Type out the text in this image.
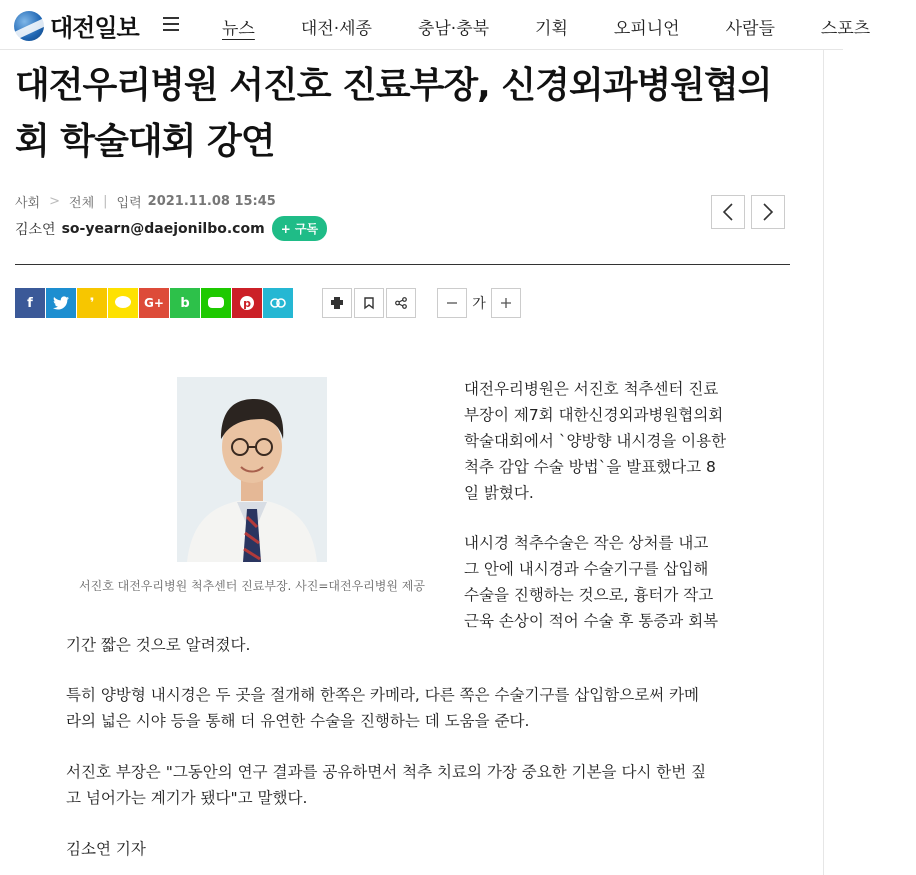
대전일보	뉴스	대전·세종	충남·충북	기획	오피니언	사람들	스포츠
대전우리병원 서진호 진료부장, 신경외과병원협의회 학술대회 강연
사회 > 전체 | 입력 2021.11.08 15:45
김소연 so-yearn@daejonilbo.com	+ 구독
f	❜	G+ b	p	가
서진호 대전우리병원 척추센터 진료부장. 사진=대전우리병원 제공
대전우리병원은 서진호 척추센터 진료
부장이 제7회 대한신경외과병원협의회
학술대회에서 `양방향 내시경을 이용한
척추 감압 수술 방법`을 발표했다고 8
일 밝혔다.
내시경 척추수술은 작은 상처를 내고
그 안에 내시경과 수술기구를 삽입해
수술을 진행하는 것으로, 흉터가 작고
근육 손상이 적어 수술 후 통증과 회복
기간 짧은 것으로 알려졌다.
특히 양방형 내시경은 두 곳을 절개해 한쪽은 카메라, 다른 쪽은 수술기구를 삽입함으로써 카메
라의 넓은 시야 등을 통해 더 유연한 수술을 진행하는 데 도움을 준다.
서진호 부장은 "그동안의 연구 결과를 공유하면서 척추 치료의 가장 중요한 기본을 다시 한번 짚
고 넘어가는 계기가 됐다"고 말했다.
김소연 기자
